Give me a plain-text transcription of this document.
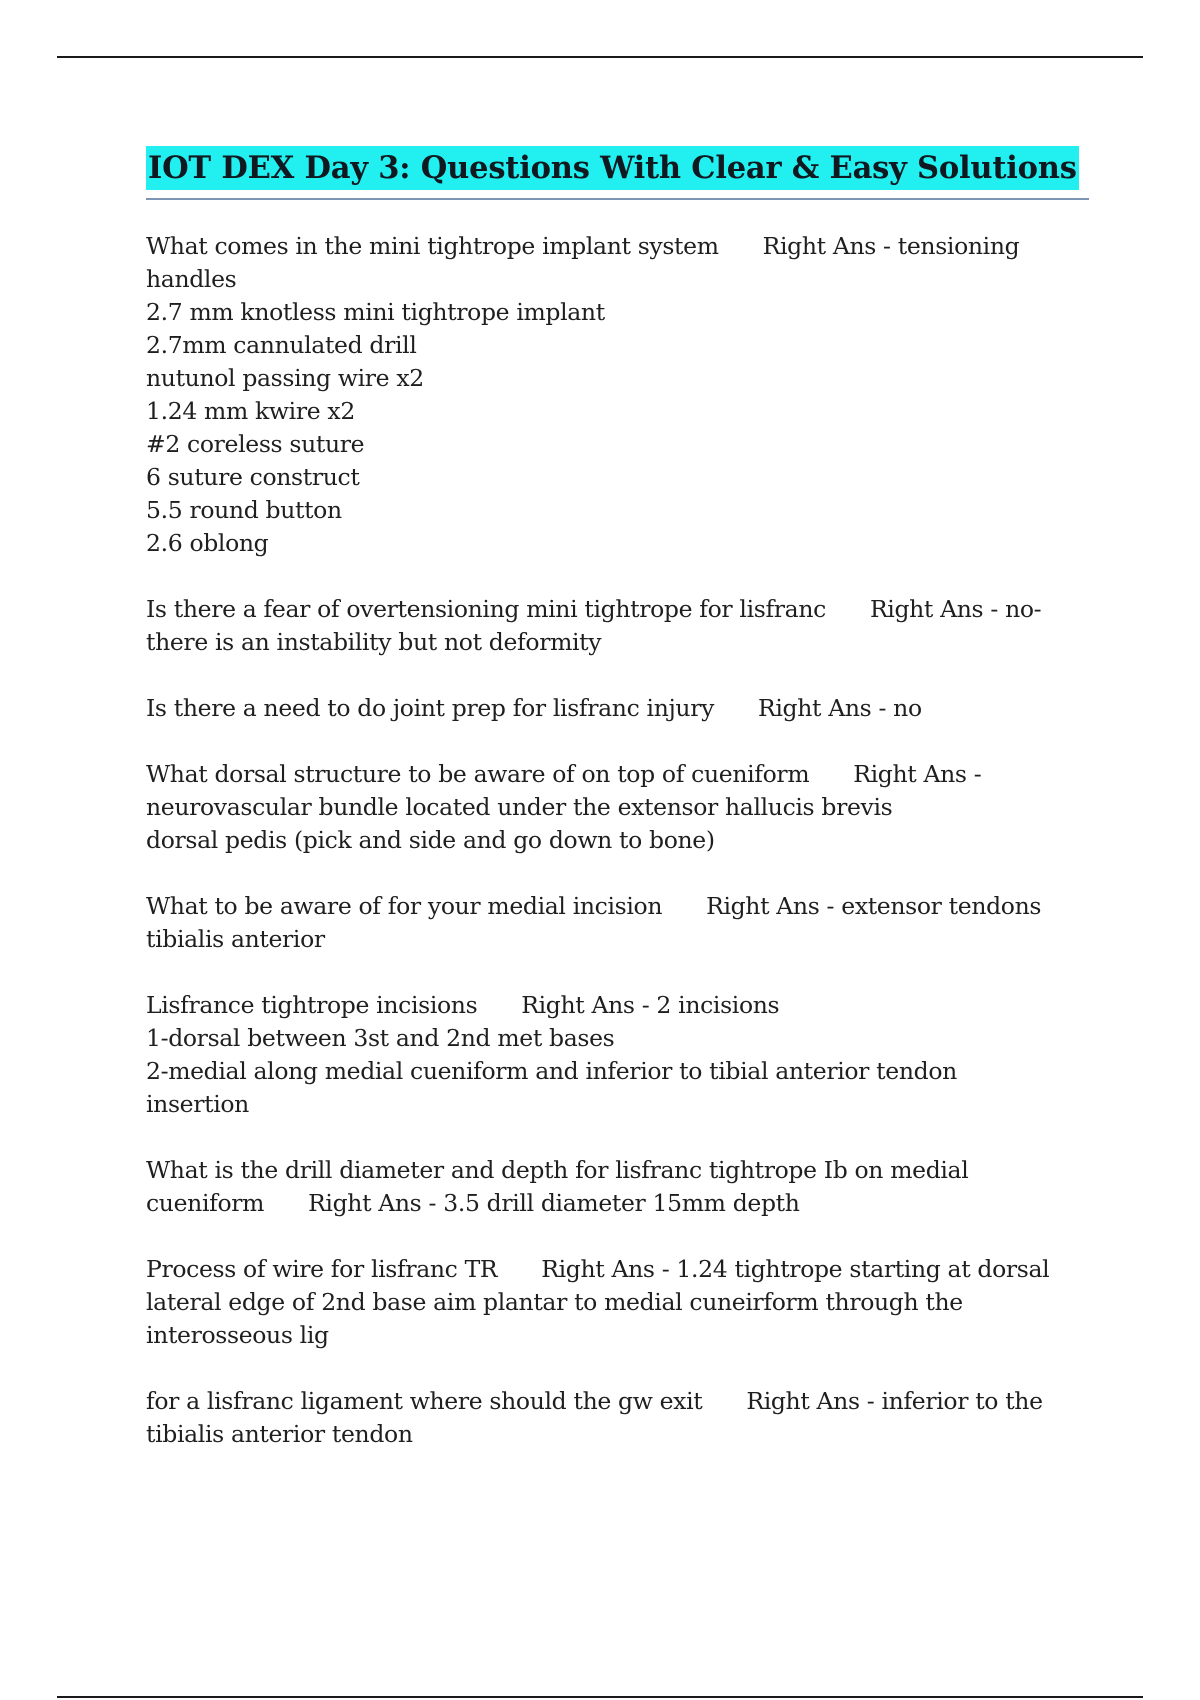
IOT DEX Day 3: Questions With Clear & Easy Solutions
What comes in the mini tightrope implant system Right Ans - tensioning
handles
2.7 mm knotless mini tightrope implant
2.7mm cannulated drill
nutunol passing wire x2
1.24 mm kwire x2
#2 coreless suture
6 suture construct
5.5 round button
2.6 oblong
Is there a fear of overtensioning mini tightrope for lisfranc Right Ans - no-
there is an instability but not deformity
Is there a need to do joint prep for lisfranc injury Right Ans - no
What dorsal structure to be aware of on top of cueniform Right Ans -
neurovascular bundle located under the extensor hallucis brevis
dorsal pedis (pick and side and go down to bone)
What to be aware of for your medial incision Right Ans - extensor tendons
tibialis anterior
Lisfrance tightrope incisions Right Ans - 2 incisions
1-dorsal between 3st and 2nd met bases
2-medial along medial cueniform and inferior to tibial anterior tendon
insertion
What is the drill diameter and depth for lisfranc tightrope Ib on medial
cueniform Right Ans - 3.5 drill diameter 15mm depth
Process of wire for lisfranc TR Right Ans - 1.24 tightrope starting at dorsal
lateral edge of 2nd base aim plantar to medial cuneirform through the
interosseous lig
for a lisfranc ligament where should the gw exit Right Ans - inferior to the
tibialis anterior tendon
